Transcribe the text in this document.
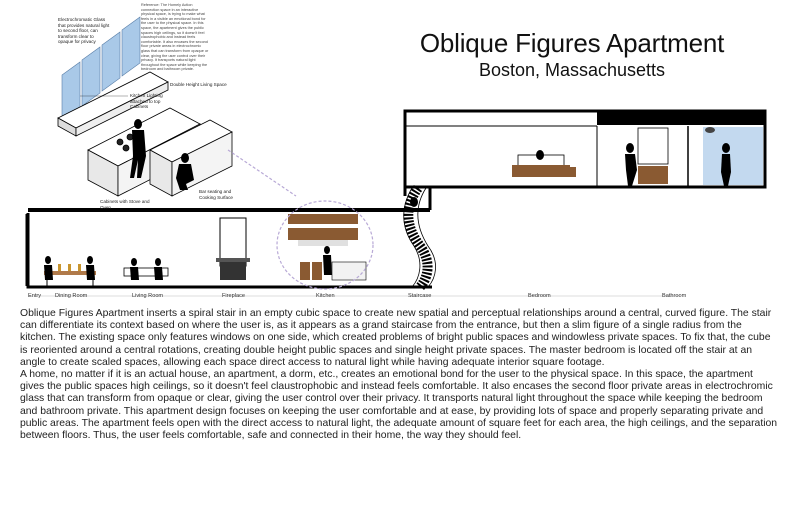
Oblique Figures Apartment
Boston, Massachusetts
Electrochromatic Glass that provides natural light to second floor, can transform clear to opaque for privacy
Reference: The Homely Action connection space in an interactive physical space, is trying to make what feels in a visible an emotional bond for the user to the physical space. In this space, the apartment gives the public spaces high ceilings, so it doesn't feel claustrophobic and instead feels comfortable. It also encases the second floor private areas in electrochromic glass that can transform from opaque or clear, giving the user control over their privacy. It transports natural light throughout the space while keeping the bedroom and bathroom private.
Double Height Living Space
Kitchen Lighting attached to top Cabinets
Bar seating and Cooking Surface
Cabinets with Stove and Oven
Entry Dining Room	Living Room	Fireplace	Kitchen	Staircase	Bedroom	Bathroom

Oblique Figures Apartment inserts a spiral stair in an empty cubic space to create new spatial and perceptual relationships around a central, curved figure. The stair can differentiate its context based on where the user is, as it appears as a grand staircase from the entrance, but then a slim figure of a single radius from the kitchen. The existing space only features windows on one side, which created problems of bright public spaces and windowless private spaces. To fix that, the cube is reoriented around a central rotations, creating double height public spaces and single height private spaces. The master bedroom is located off the stair at an angle to create scaled spaces, allowing each space direct access to natural light while having adequate interior square footage.

A home, no matter if it is an actual house, an apartment, a dorm, etc., creates an emotional bond for the user to the physical space. In this space, the apartment gives the public spaces high ceilings, so it doesn't feel claustrophobic and instead feels comfortable. It also encases the second floor private areas in electrochromic glass that can transform from opaque or clear, giving the user control over their privacy. It transports natural light throughout the space while keeping the bedroom and bathroom private. This apartment design focuses on keeping the user comfortable and at ease, by providing lots of space and properly separating private and public areas. The apartment feels open with the direct access to natural light, the adequate amount of square feet for each area, the high ceilings, and the separation between floors. Thus, the user feels comfortable, safe and connected in their home, the way they should feel.
